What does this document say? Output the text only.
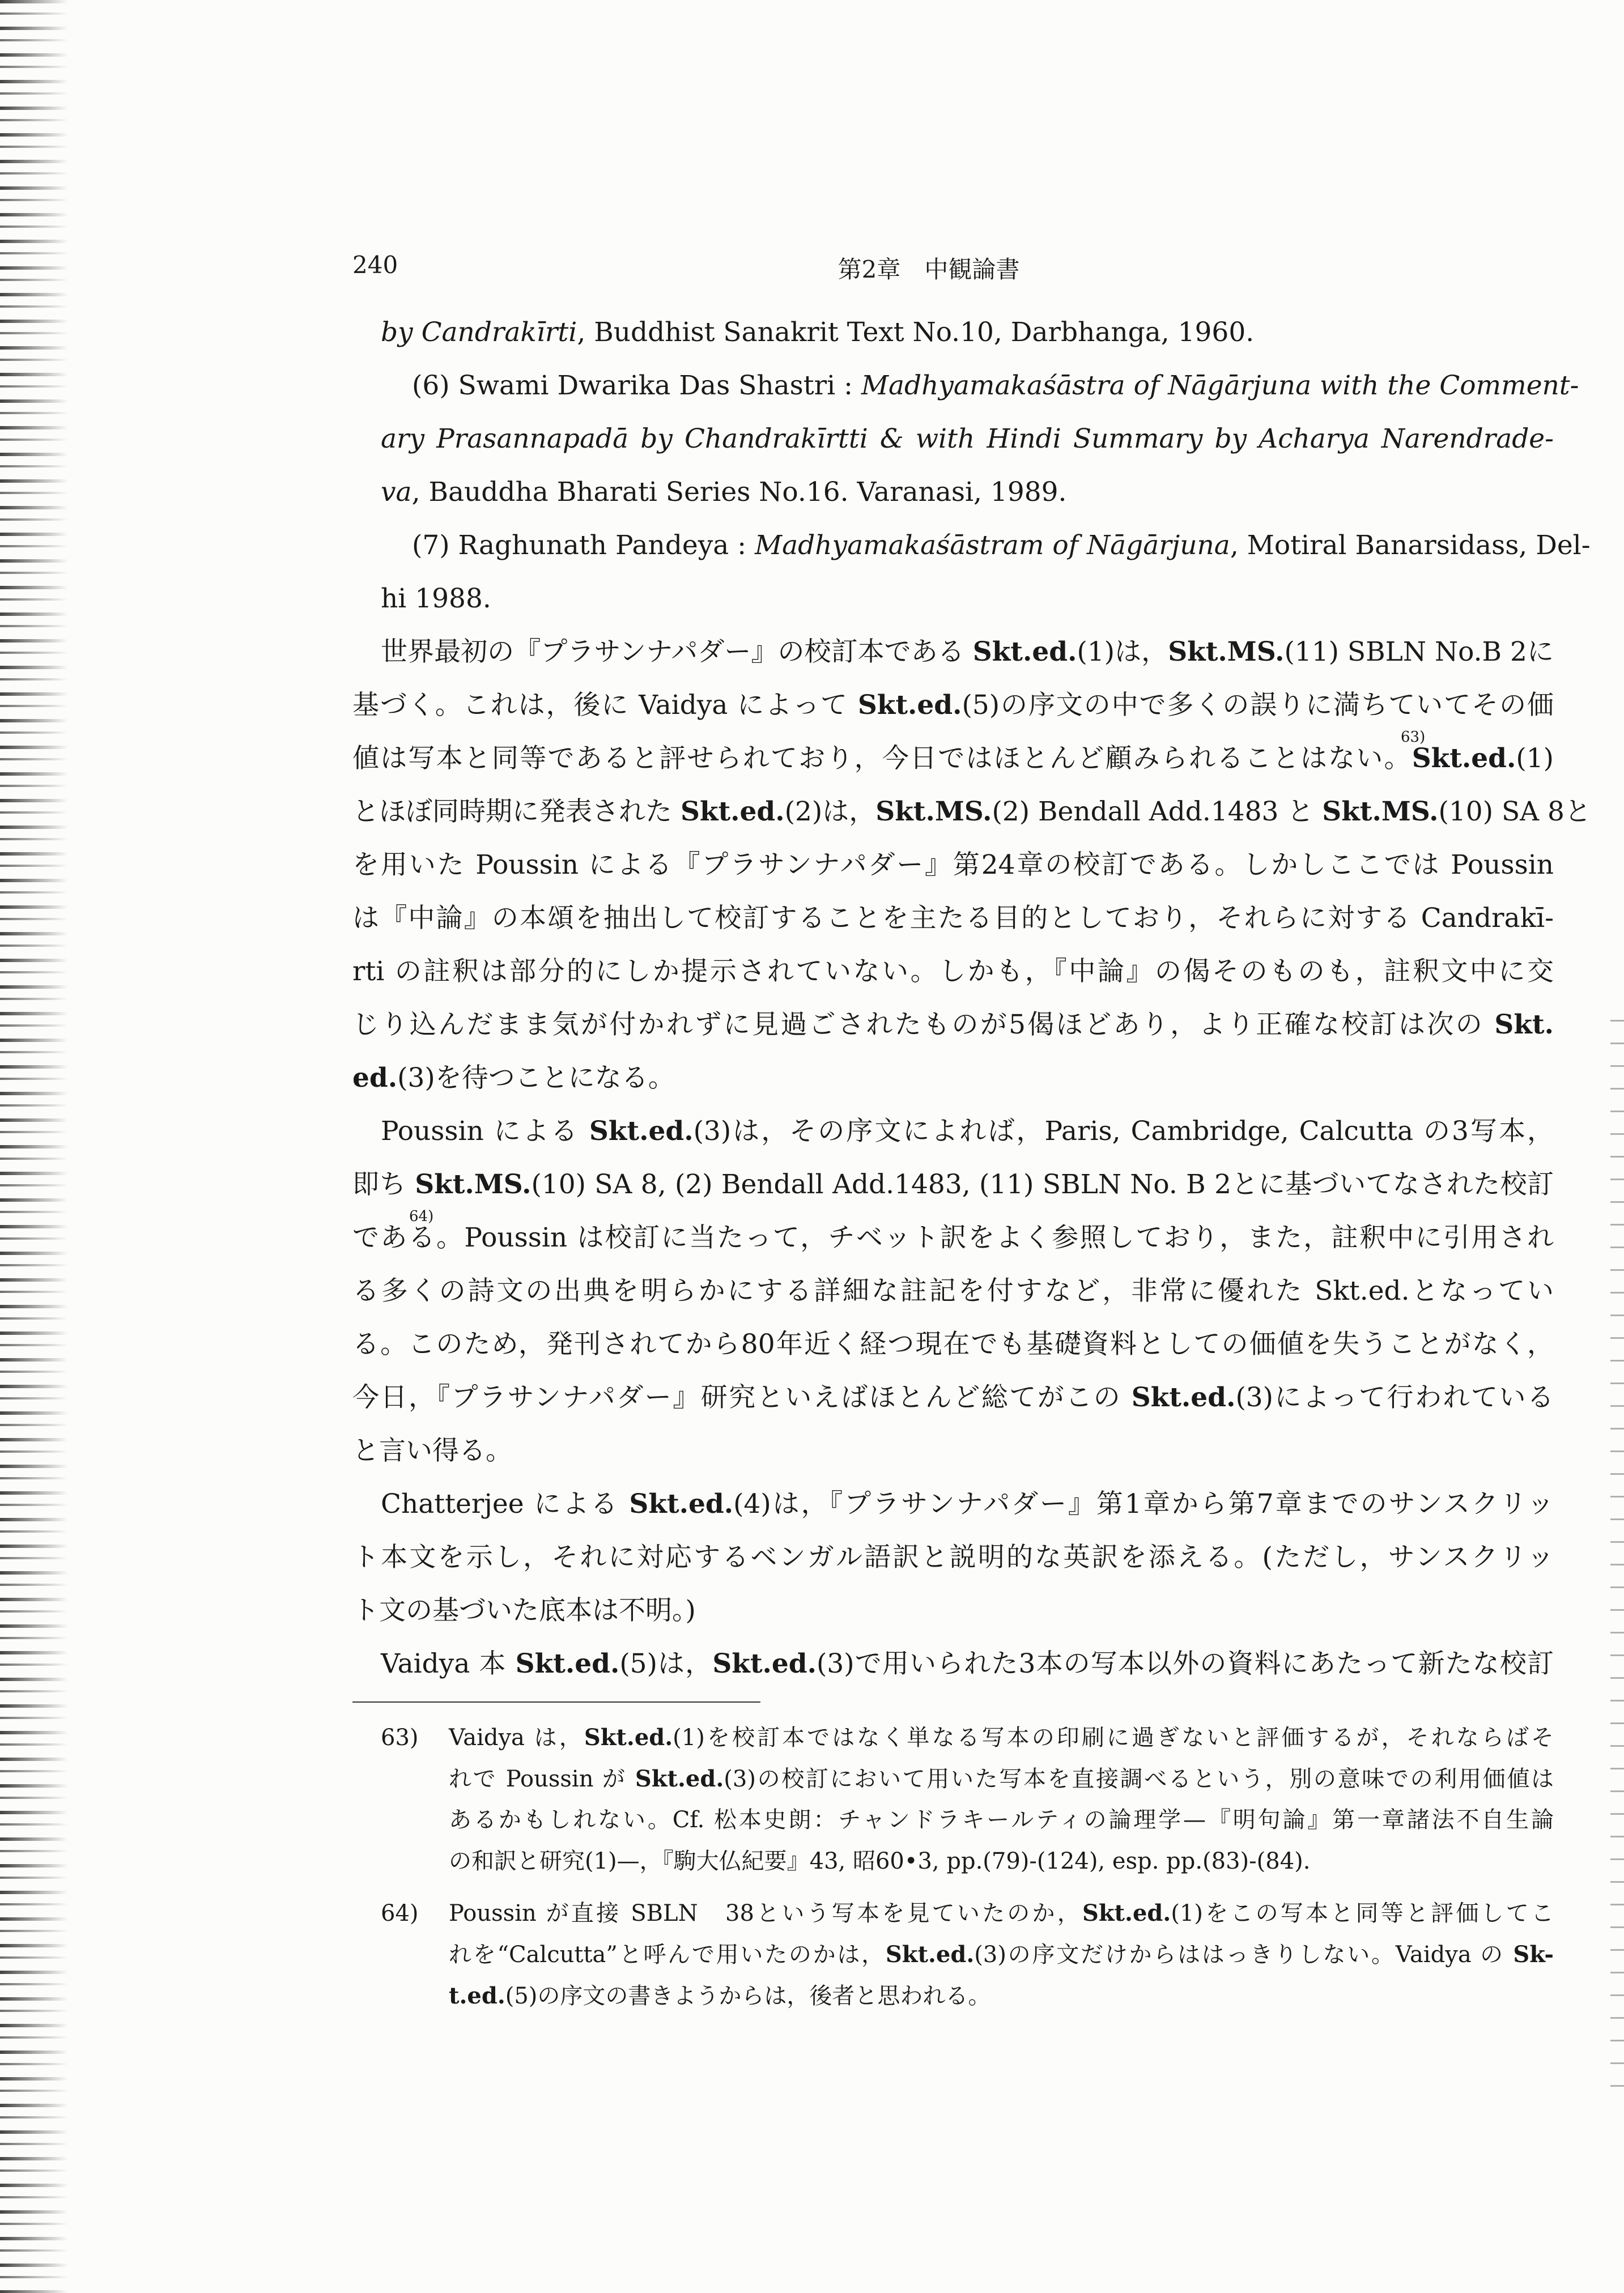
240	第2章　中観論書
by Candrakīrti, Buddhist Sanakrit Text No.10, Darbhanga, 1960.
(6) Swami Dwarika Das Shastri : Madhyamakaśāstra of Nāgārjuna with the Comment-
ary Prasannapadā by Chandrakīrtti & with Hindi Summary by Acharya Narendrade-
va, Bauddha Bharati Series No.16. Varanasi, 1989.
(7) Raghunath Pandeya : Madhyamakaśāstram of Nāgārjuna, Motiral Banarsidass, Del-
hi 1988.
世界最初の『プラサンナパダー』の校訂本である Skt.ed.(1)は，Skt.MS.(11) SBLN No.B 2に
基づく。これは，後に Vaidya によって Skt.ed.(5)の序文の中で多くの誤りに満ちていてその価
値は写本と同等であると評せられており，今日ではほとんど顧みられることはない。
63)
Skt.ed.(1)
とほぼ同時期に発表された Skt.ed.(2)は，Skt.MS.(2) Bendall Add.1483 と Skt.MS.(10) SA 8と
を用いた Poussin による『プラサンナパダー』第24章の校訂である。しかしここでは Poussin
は『中論』の本頌を抽出して校訂することを主たる目的としており，それらに対する Candrakī-
rti の註釈は部分的にしか提示されていない。しかも，『中論』の偈そのものも，註釈文中に交
じり込んだまま気が付かれずに見過ごされたものが5偈ほどあり，より正確な校訂は次の Skt.
ed.(3)を待つことになる。
Poussin による Skt.ed.(3)は，その序文によれば，Paris, Cambridge, Calcutta の3写本，
即ち Skt.MS.(10) SA 8, (2) Bendall Add.1483, (11) SBLN No. B 2とに基づいてなされた校訂
64)
である。Poussin は校訂に当たって，チベット訳をよく参照しており，また，註釈中に引用され
る多くの詩文の出典を明らかにする詳細な註記を付すなど，非常に優れた Skt.ed.となってい
る。このため，発刊されてから80年近く経つ現在でも基礎資料としての価値を失うことがなく，
今日，『プラサンナパダー』研究といえばほとんど総てがこの Skt.ed.(3)によって行われている
と言い得る。
Chatterjee による Skt.ed.(4)は，『プラサンナパダー』第1章から第7章までのサンスクリッ
ト本文を示し，それに対応するベンガル語訳と説明的な英訳を添える。(ただし，サンスクリッ
ト文の基づいた底本は不明。)
Vaidya 本 Skt.ed.(5)は，Skt.ed.(3)で用いられた3本の写本以外の資料にあたって新たな校訂
63) Vaidya は，Skt.ed.(1)を校訂本ではなく単なる写本の印刷に過ぎないと評価するが，それならばそ
れで Poussin が Skt.ed.(3)の校訂において用いた写本を直接調べるという，別の意味での利用価値は
あるかもしれない。Cf. 松本史朗：チャンドラキールティの論理学—『明句論』第一章諸法不自生論
の和訳と研究(1)—，『駒大仏紀要』43, 昭60•3, pp.(79)-(124), esp. pp.(83)-(84).
64) Poussin が直接 SBLN　38という写本を見ていたのか，Skt.ed.(1)をこの写本と同等と評価してこ
れを“Calcutta”と呼んで用いたのかは，Skt.ed.(3)の序文だけからははっきりしない。Vaidya の Sk-
t.ed.(5)の序文の書きようからは，後者と思われる。
